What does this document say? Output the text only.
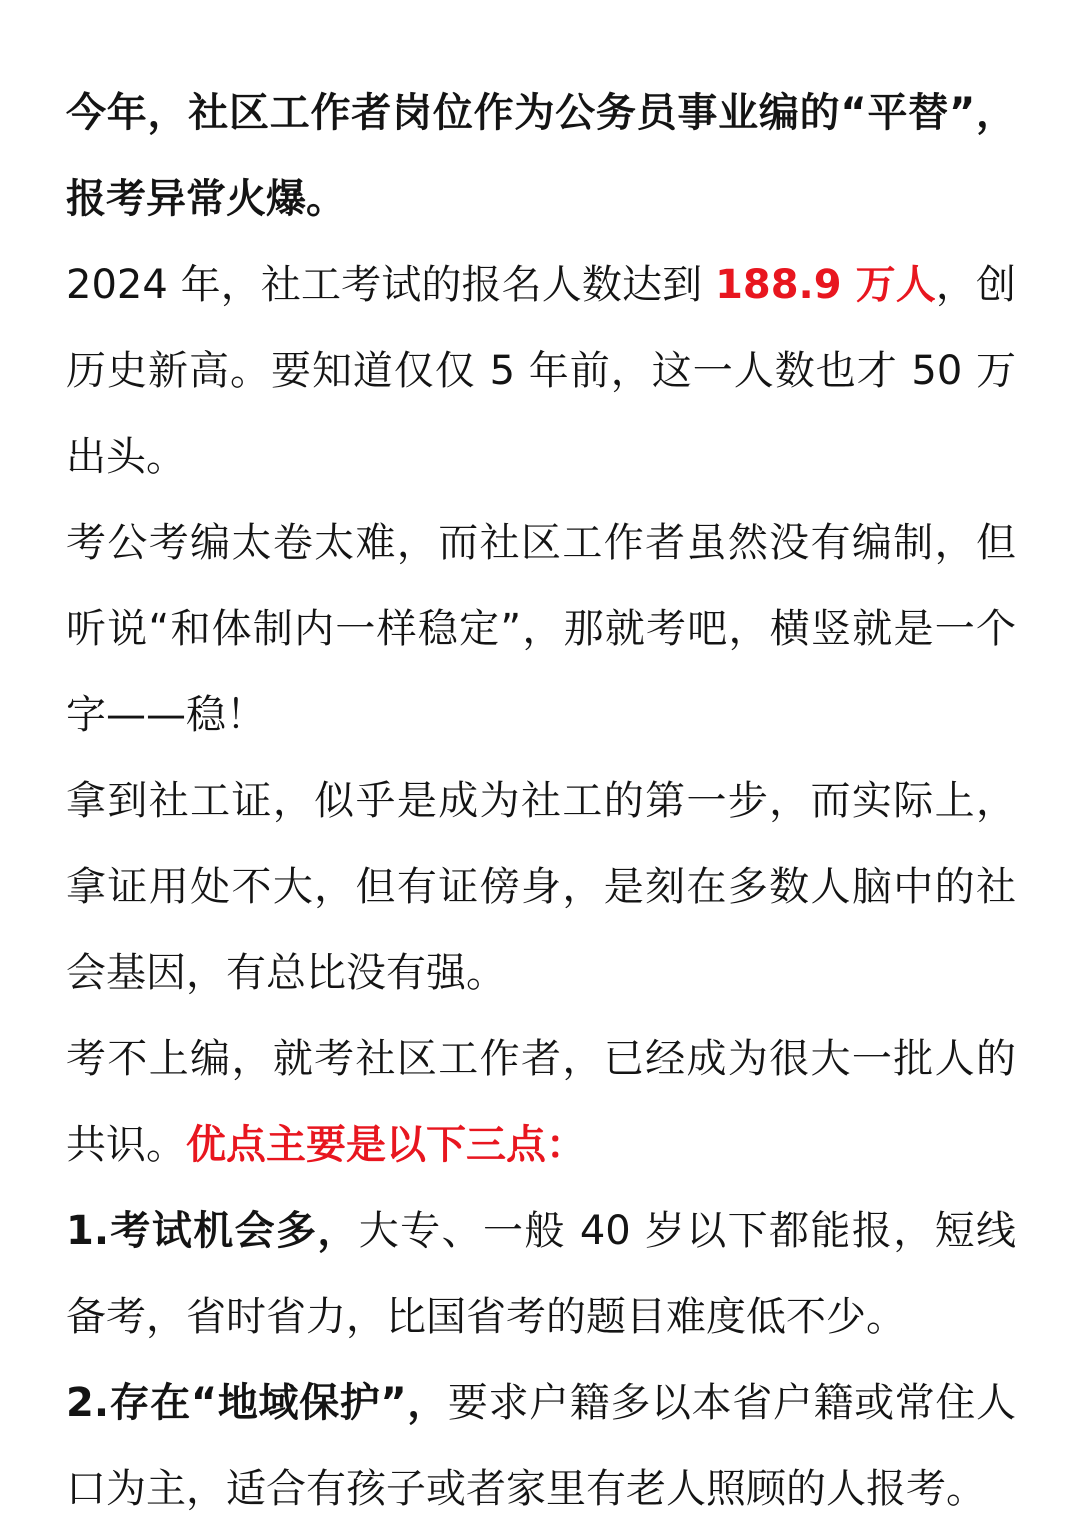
今年，社区工作者岗位作为公务员事业编的“平替”，报考异常火爆。

2024 年，社工考试的报名人数达到 188.9 万人，创历史新高。要知道仅仅 5 年前，这一人数也才 50 万出头。

考公考编太卷太难，而社区工作者虽然没有编制，但听说“和体制内一样稳定”，那就考吧，横竖就是一个字——稳！

拿到社工证，似乎是成为社工的第一步，而实际上，拿证用处不大，但有证傍身，是刻在多数人脑中的社会基因，有总比没有强。

考不上编，就考社区工作者，已经成为很大一批人的共识。优点主要是以下三点：

1.考试机会多，大专、一般 40 岁以下都能报，短线备考，省时省力，比国省考的题目难度低不少。

2.存在“地域保护”，要求户籍多以本省户籍或常住人口为主，适合有孩子或者家里有老人照顾的人报考。
